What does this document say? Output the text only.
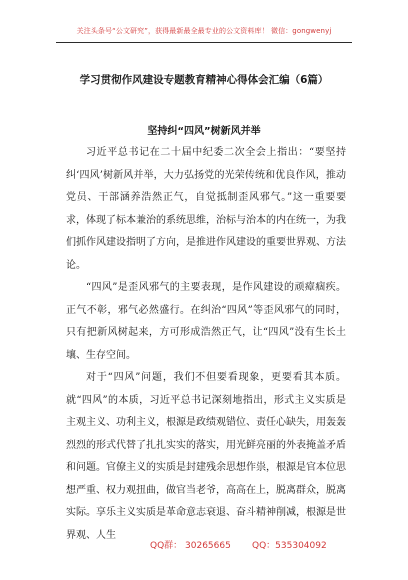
关注头条号“公文研究”，获得最新最全最专业的公文资料库！ 微信：gongwenyj
学习贯彻作风建设专题教育精神心得体会汇编（6篇）
坚持纠“四风”树新风并举

习近平总书记在二十届中纪委二次全会上指出：“要坚持纠‘四风’树新风并举，大力弘扬党的光荣传统和优良作风，推动党员、干部涵养浩然正气，自觉抵制歪风邪气。”这一重要要求，体现了标本兼治的系统思维，治标与治本的内在统一，为我们抓作风建设指明了方向，是推进作风建设的重要世界观、方法论。

“四风”是歪风邪气的主要表现，是作风建设的顽瘴痼疾。正气不彰，邪气必然盛行。在纠治“四风”等歪风邪气的同时，只有把新风树起来，方可形成浩然正气，让“四风”没有生长土壤、生存空间。

对于“四风”问题，我们不但要看现象，更要看其本质。就“四风”的本质，习近平总书记深刻地指出，形式主义实质是主观主义、功利主义，根源是政绩观错位、责任心缺失，用轰轰烈烈的形式代替了扎扎实实的落实，用光鲜亮丽的外表掩盖矛盾和问题。官僚主义的实质是封建残余思想作祟，根源是官本位思想严重、权力观扭曲，做官当老爷，高高在上，脱离群众，脱离实际。享乐主义实质是革命意志衰退、奋斗精神削减，根源是世界观、人生

QQ群： 30265665 QQ：535304092
